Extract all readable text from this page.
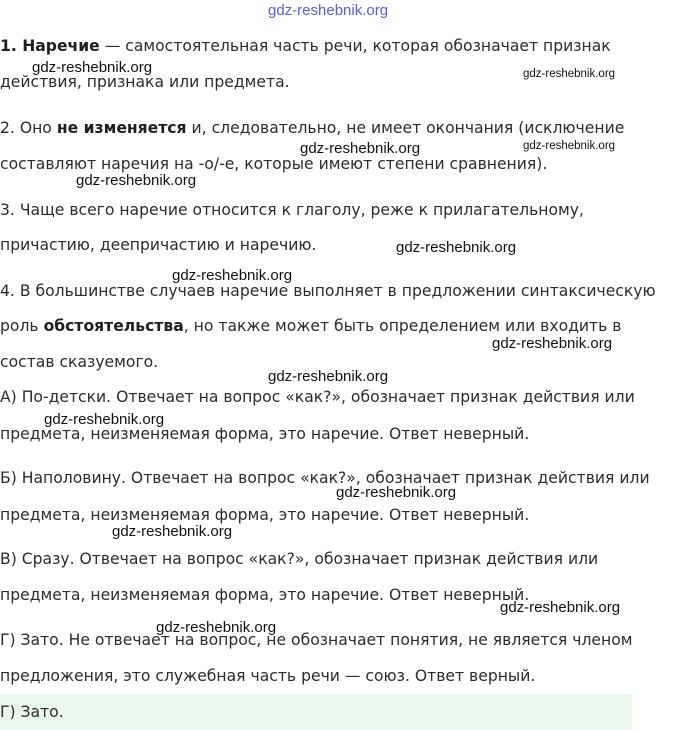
1. Наречие — самостоятельная часть речи, которая обозначает признак
действия, признака или предмета.
2. Оно не изменяется и, следовательно, не имеет окончания (исключение
составляют наречия на -о/-е, которые имеют степени сравнения).
3. Чаще всего наречие относится к глаголу, реже к прилагательному,
причастию, деепричастию и наречию.
4. В большинстве случаев наречие выполняет в предложении синтаксическую
роль обстоятельства, но также может быть определением или входить в
состав сказуемого.
А) По-детски. Отвечает на вопрос «как?», обозначает признак действия или
предмета, неизменяемая форма, это наречие. Ответ неверный.
Б) Наполовину. Отвечает на вопрос «как?», обозначает признак действия или
предмета, неизменяемая форма, это наречие. Ответ неверный.
В) Сразу. Отвечает на вопрос «как?», обозначает признак действия или
предмета, неизменяемая форма, это наречие. Ответ неверный.
Г) Зато. Не отвечает на вопрос, не обозначает понятия, не является членом
предложения, это служебная часть речи — союз. Ответ верный.
Г) Зато.
gdz-reshebnik.org
gdz-reshebnik.org	gdz-reshebnik.org
gdz-reshebnik.org	gdz-reshebnik.org
gdz-reshebnik.org
gdz-reshebnik.org
gdz-reshebnik.org
gdz-reshebnik.org
gdz-reshebnik.org
gdz-reshebnik.org
gdz-reshebnik.org
gdz-reshebnik.org
gdz-reshebnik.org
gdz-reshebnik.org
